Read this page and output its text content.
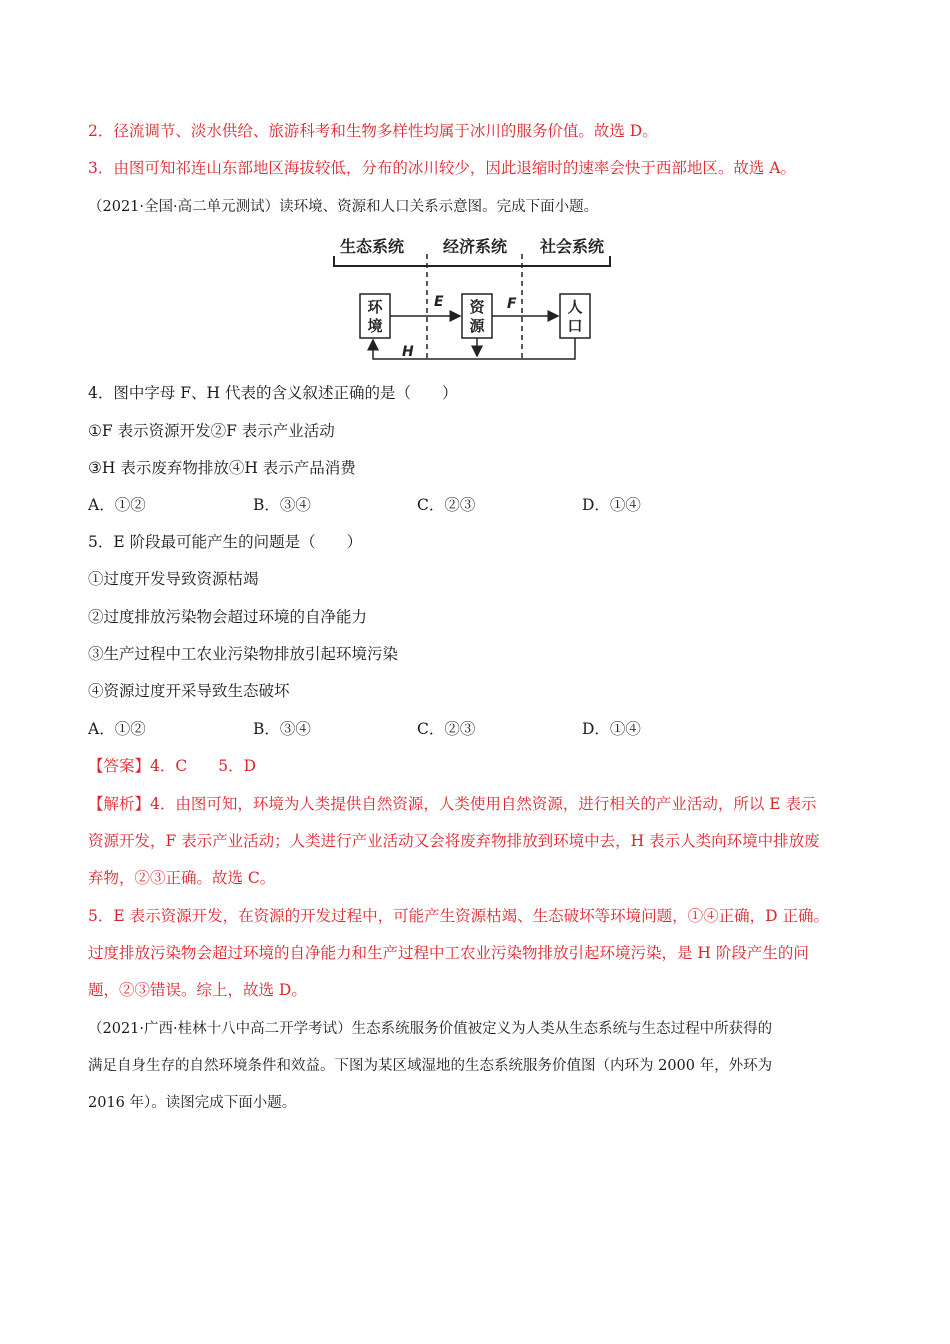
2．径流调节、淡水供给、旅游科考和生物多样性均属于冰川的服务价值。故选 D。
3．由图可知祁连山东部地区海拔较低，分布的冰川较少，因此退缩时的速率会快于西部地区。故选 A。
（2021·全国·高二单元测试）读环境、资源和人口关系示意图。完成下面小题。
生态系统 经济系统 社会系统
环
境
资
源
人
口
E	F
H
4．图中字母 F、H 代表的含义叙述正确的是（　　）
①F 表示资源开发②F 表示产业活动
③H 表示废弃物排放④H 表示产品消费
A．①②	B．③④	C．②③	D．①④
5．E 阶段最可能产生的问题是（　　）
①过度开发导致资源枯竭
②过度排放污染物会超过环境的自净能力
③生产过程中工农业污染物排放引起环境污染
④资源过度开采导致生态破坏
A．①②	B．③④	C．②③	D．①④
【答案】4．C　　5．D
【解析】4．由图可知，环境为人类提供自然资源，人类使用自然资源，进行相关的产业活动，所以 E 表示
资源开发，F 表示产业活动；人类进行产业活动又会将废弃物排放到环境中去，H 表示人类向环境中排放废
弃物，②③正确。故选 C。
5．E 表示资源开发，在资源的开发过程中，可能产生资源枯竭、生态破坏等环境问题，①④正确，D 正确。
过度排放污染物会超过环境的自净能力和生产过程中工农业污染物排放引起环境污染，是 H 阶段产生的问
题，②③错误。综上，故选 D。
（2021·广西·桂林十八中高二开学考试）生态系统服务价值被定义为人类从生态系统与生态过程中所获得的
满足自身生存的自然环境条件和效益。下图为某区域湿地的生态系统服务价值图（内环为 2000 年，外环为
2016 年）。读图完成下面小题。
